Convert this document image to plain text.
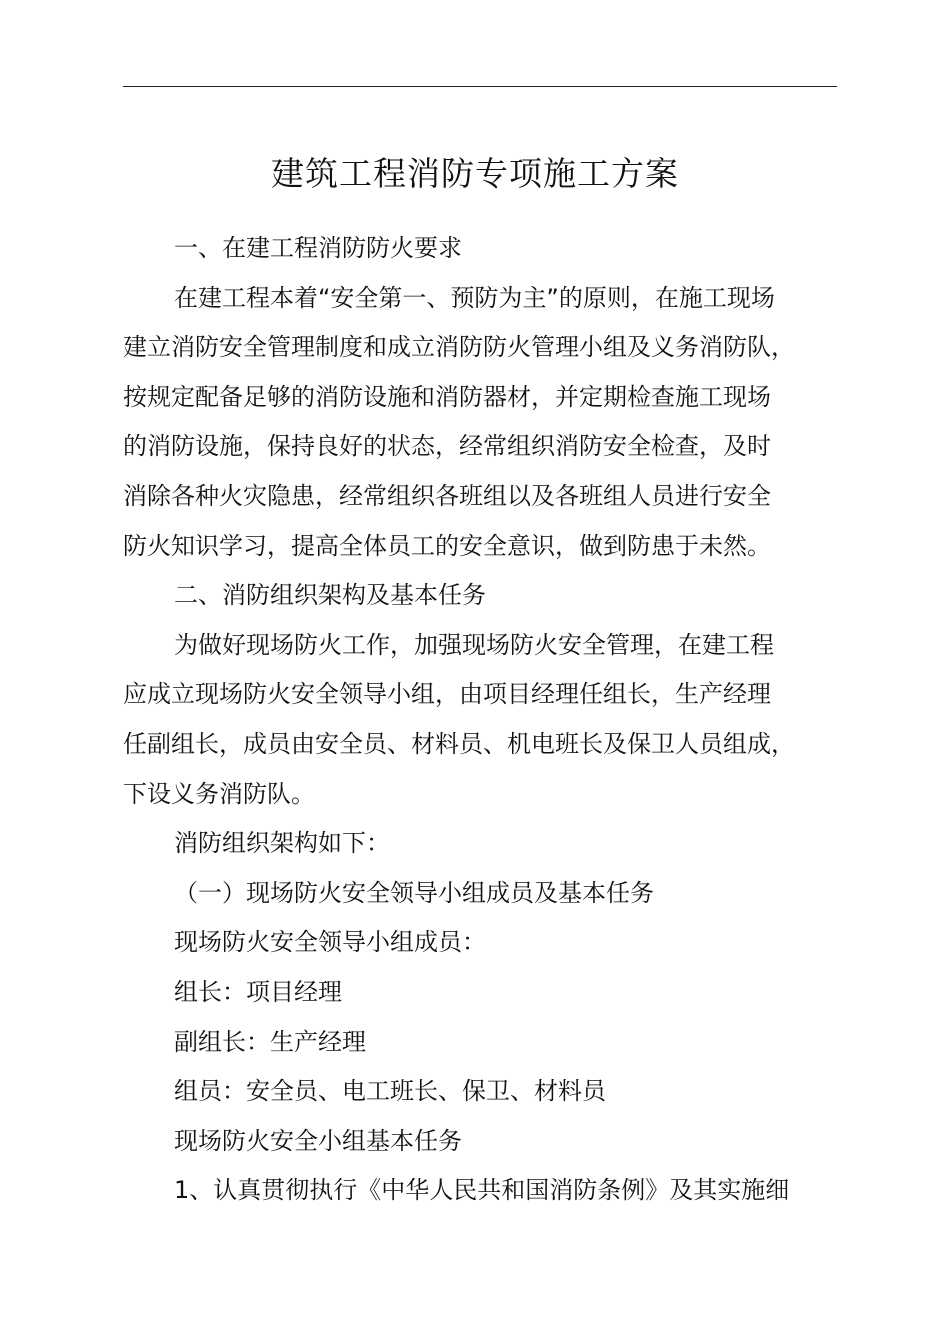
建筑工程消防专项施工方案
一、在建工程消防防火要求
在建工程本着“安全第一、预防为主”的原则，在施工现场
建立消防安全管理制度和成立消防防火管理小组及义务消防队，
按规定配备足够的消防设施和消防器材，并定期检查施工现场
的消防设施，保持良好的状态，经常组织消防安全检查，及时
消除各种火灾隐患，经常组织各班组以及各班组人员进行安全
防火知识学习，提高全体员工的安全意识，做到防患于未然。
二、消防组织架构及基本任务
为做好现场防火工作，加强现场防火安全管理，在建工程
应成立现场防火安全领导小组，由项目经理任组长，生产经理
任副组长，成员由安全员、材料员、机电班长及保卫人员组成，
下设义务消防队。
消防组织架构如下：
（一）现场防火安全领导小组成员及基本任务
现场防火安全领导小组成员：
组长：项目经理
副组长：生产经理
组员：安全员、电工班长、保卫、材料员
现场防火安全小组基本任务
1、认真贯彻执行《中华人民共和国消防条例》及其实施细
